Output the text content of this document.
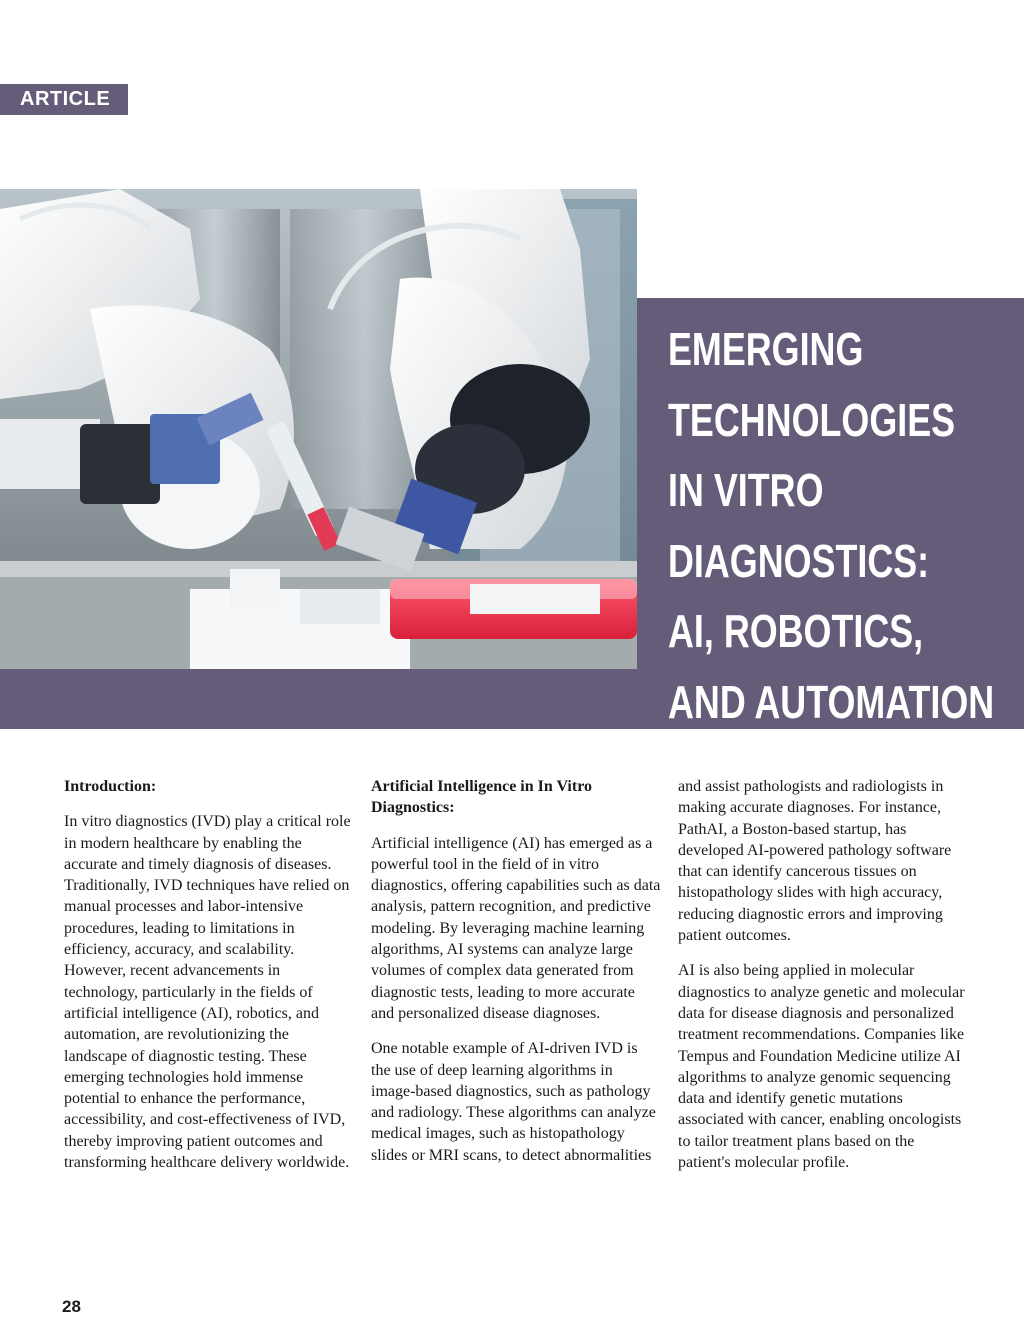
ARTICLE
EMERGING
TECHNOLOGIES
IN VITRO
DIAGNOSTICS:
AI, ROBOTICS,
AND AUTOMATION
Introduction:

In vitro diagnostics (IVD) play a critical role in modern healthcare by enabling the accurate and timely diagnosis of diseases. Traditionally, IVD techniques have relied on manual processes and labor-intensive procedures, leading to limitations in efficiency, accuracy, and scalability. However, recent advancements in technology, particularly in the fields of artificial intelligence (AI), robotics, and automation, are revolutionizing the landscape of diagnostic testing. These emerging technologies hold immense potential to enhance the performance, accessibility, and cost-effectiveness of IVD, thereby improving patient outcomes and transforming healthcare delivery worldwide.

Artificial Intelligence in In Vitro Diagnostics:

Artificial intelligence (AI) has emerged as a powerful tool in the field of in vitro diagnostics, offering capabilities such as data analysis, pattern recognition, and predictive modeling. By leveraging machine learning algorithms, AI systems can analyze large volumes of complex data generated from diagnostic tests, leading to more accurate and personalized disease diagnoses.

One notable example of AI-driven IVD is the use of deep learning algorithms in image-based diagnostics, such as pathology and radiology. These algorithms can analyze medical images, such as histopathology slides or MRI scans, to detect abnormalities

and assist pathologists and radiologists in making accurate diagnoses. For instance, PathAI, a Boston-based startup, has developed AI-powered pathology software that can identify cancerous tissues on histopathology slides with high accuracy, reducing diagnostic errors and improving patient outcomes.

AI is also being applied in molecular diagnostics to analyze genetic and molecular data for disease diagnosis and personalized treatment recommendations. Companies like Tempus and Foundation Medicine utilize AI algorithms to analyze genomic sequencing data and identify genetic mutations associated with cancer, enabling oncologists to tailor treatment plans based on the patient's molecular profile.

28
